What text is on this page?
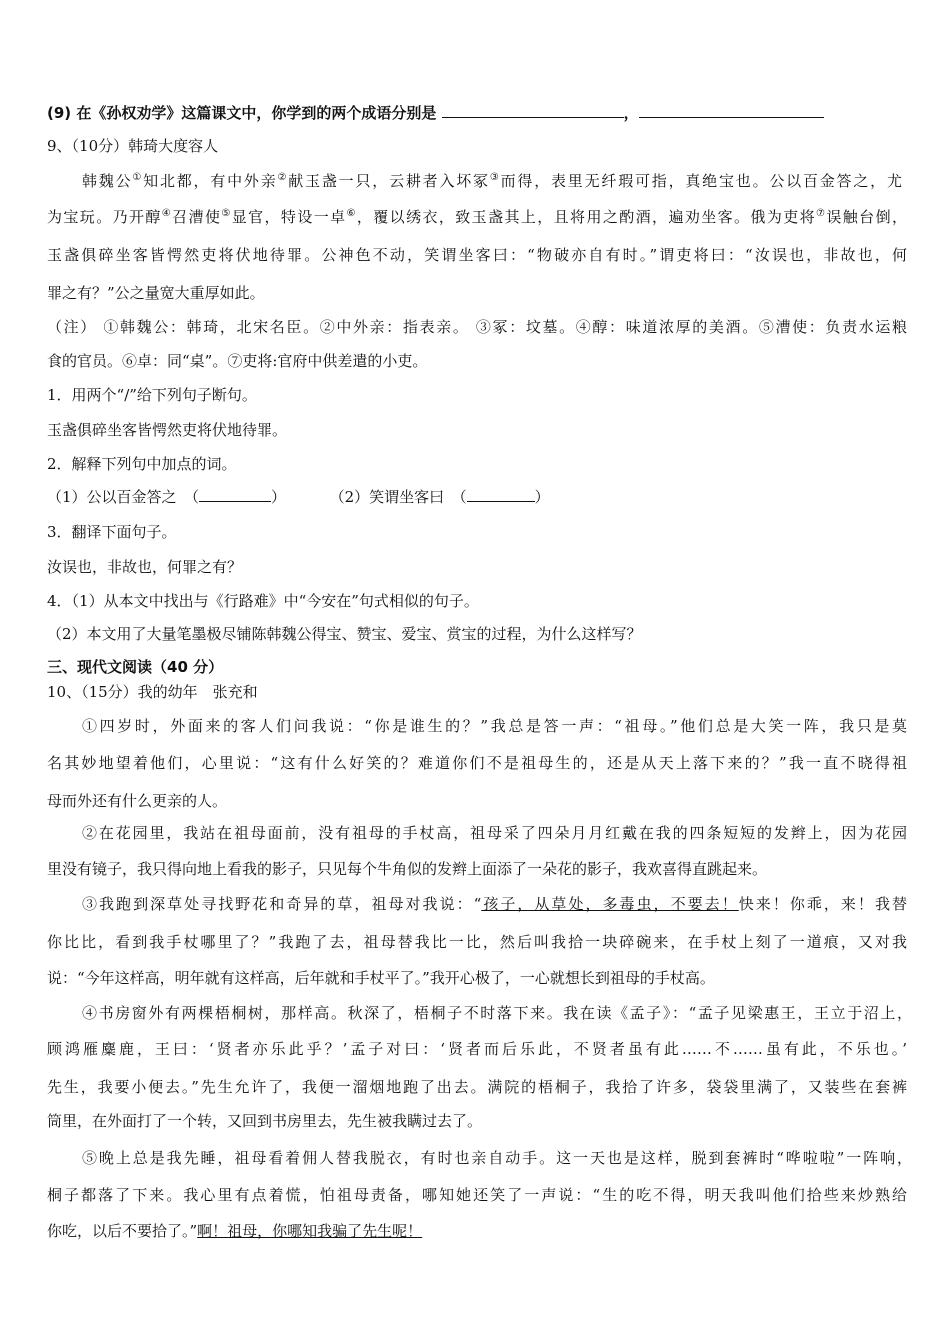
(9) 在《孙权劝学》这篇课文中，你学到的两个成语分别是	，
9、（10分）韩琦大度容人
韩魏公①知北都，有中外亲②献玉盏一只，云耕者入坏冢③而得，表里无纤瑕可指，真绝宝也。公以百金答之，尤
为宝玩。乃开醇④召漕使⑤显官，特设一卓⑥，覆以绣衣，致玉盏其上，且将用之酌酒，遍劝坐客。俄为吏将⑦误触台倒，
玉盏俱碎坐客皆愕然吏将伏地待罪。公神色不动，笑谓坐客曰：“物破亦自有时。”谓吏将曰：“汝误也，非故也，何
罪之有？”公之量宽大重厚如此。
（注） ①韩魏公：韩琦，北宋名臣。②中外亲：指表亲。 ③冢：坟墓。④醇：味道浓厚的美酒。⑤漕使：负责水运粮
食的官员。⑥卓：同“桌”。⑦吏将:官府中供差遣的小吏。
1．用两个“/”给下列句子断句。
玉盏俱碎坐客皆愕然吏将伏地待罪。
2．解释下列句中加点的词。
（1）公以百金答之　（	）	（2）笑谓坐客曰　（	）
3．翻译下面句子。
汝误也，非故也，何罪之有？
4．（1）从本文中找出与《行路难》中“今安在”句式相似的句子。
（2）本文用了大量笔墨极尽铺陈韩魏公得宝、赞宝、爱宝、赏宝的过程，为什么这样写？
三、现代文阅读（40 分）
10、（15分）我的幼年　张充和
①四岁时，外面来的客人们问我说：“你是谁生的？”我总是答一声：“祖母。”他们总是大笑一阵，我只是莫
名其妙地望着他们，心里说：“这有什么好笑的？难道你们不是祖母生的，还是从天上落下来的？”我一直不晓得祖
母而外还有什么更亲的人。
②在花园里，我站在祖母面前，没有祖母的手杖高，祖母采了四朵月月红戴在我的四条短短的发辫上，因为花园
里没有镜子，我只得向地上看我的影子，只见每个牛角似的发辫上面添了一朵花的影子，我欢喜得直跳起来。
③我跑到深草处寻找野花和奇异的草，祖母对我说：“孩子，从草处，多毒虫，不要去！快来！你乖，来！我替
你比比，看到我手杖哪里了？”我跑了去，祖母替我比一比，然后叫我拾一块碎碗来，在手杖上刻了一道痕，又对我
说：“今年这样高，明年就有这样高，后年就和手杖平了。”我开心极了，一心就想长到祖母的手杖高。
④书房窗外有两棵梧桐树，那样高。秋深了，梧桐子不时落下来。我在读《孟子》：“孟子见梁惠王，王立于沼上，
顾鸿雁麋鹿，王曰：‘贤者亦乐此乎？’孟子对曰：‘贤者而后乐此，不贤者虽有此……不……虽有此，不乐也。’
先生，我要小便去。”先生允许了，我便一溜烟地跑了出去。满院的梧桐子，我拾了许多，袋袋里满了，又装些在套裤
筒里，在外面打了一个转，又回到书房里去，先生被我瞒过去了。
⑤晚上总是我先睡，祖母看着佣人替我脱衣，有时也亲自动手。这一天也是这样，脱到套裤时“哗啦啦”一阵响，
桐子都落了下来。我心里有点着慌，怕祖母责备，哪知她还笑了一声说：“生的吃不得，明天我叫他们拾些来炒熟给
你吃，以后不要拾了。”啊！祖母，你哪知我骗了先生呢！
